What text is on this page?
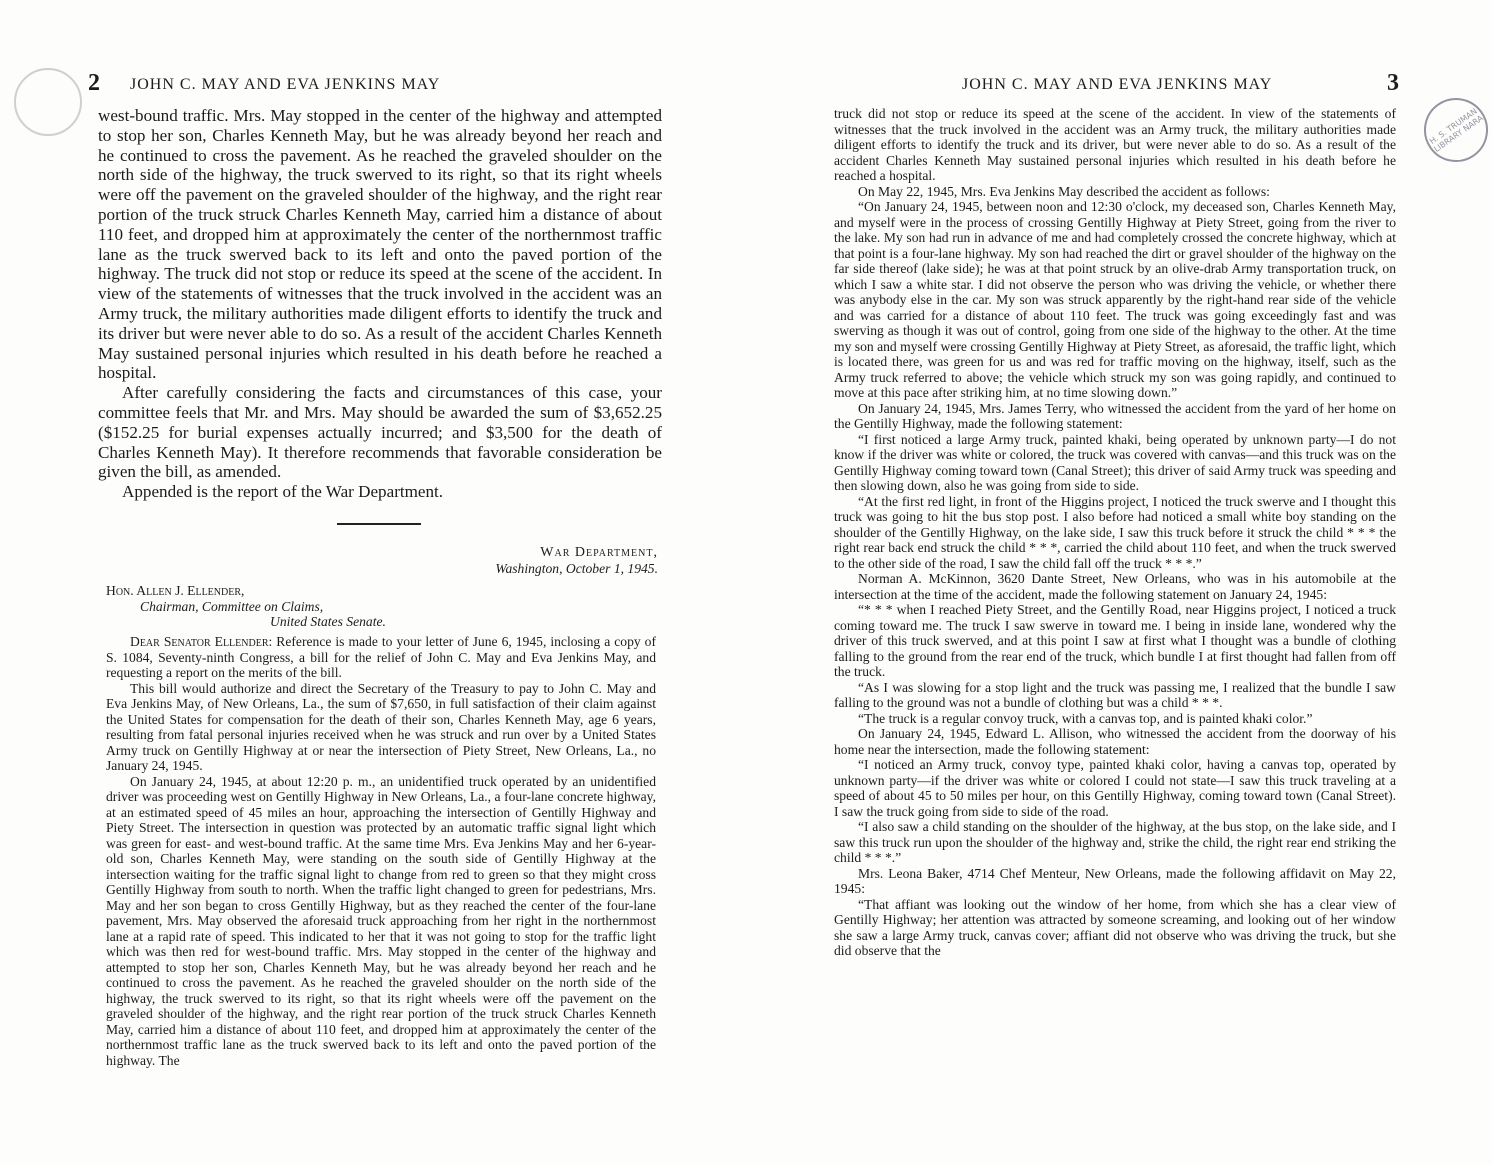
2 JOHN C. MAY AND EVA JENKINS MAY

west-bound traffic. Mrs. May stopped in the center of the highway and attempted to stop her son, Charles Kenneth May, but he was already beyond her reach and he continued to cross the pavement. As he reached the graveled shoulder on the north side of the highway, the truck swerved to its right, so that its right wheels were off the pavement on the graveled shoulder of the highway, and the right rear portion of the truck struck Charles Kenneth May, carried him a distance of about 110 feet, and dropped him at approximately the center of the northernmost traffic lane as the truck swerved back to its left and onto the paved portion of the highway. The truck did not stop or reduce its speed at the scene of the accident. In view of the statements of witnesses that the truck involved in the accident was an Army truck, the military authorities made diligent efforts to identify the truck and its driver but were never able to do so. As a result of the accident Charles Kenneth May sustained personal injuries which resulted in his death before he reached a hospital.

After carefully considering the facts and circumstances of this case, your committee feels that Mr. and Mrs. May should be awarded the sum of $3,652.25 ($152.25 for burial expenses actually incurred; and $3,500 for the death of Charles Kenneth May). It therefore recommends that favorable consideration be given the bill, as amended.

Appended is the report of the War Department.

War Department,
Washington, October 1, 1945.
Hon. Allen J. Ellender,
Chairman, Committee on Claims,
United States Senate.

Dear Senator Ellender: Reference is made to your letter of June 6, 1945, inclosing a copy of S. 1084, Seventy-ninth Congress, a bill for the relief of John C. May and Eva Jenkins May, and requesting a report on the merits of the bill.

This bill would authorize and direct the Secretary of the Treasury to pay to John C. May and Eva Jenkins May, of New Orleans, La., the sum of $7,650, in full satisfaction of their claim against the United States for compensation for the death of their son, Charles Kenneth May, age 6 years, resulting from fatal personal injuries received when he was struck and run over by a United States Army truck on Gentilly Highway at or near the intersection of Piety Street, New Orleans, La., no January 24, 1945.

On January 24, 1945, at about 12:20 p. m., an unidentified truck operated by an unidentified driver was proceeding west on Gentilly Highway in New Orleans, La., a four-lane concrete highway, at an estimated speed of 45 miles an hour, approaching the intersection of Gentilly Highway and Piety Street. The intersection in question was protected by an automatic traffic signal light which was green for east- and west-bound traffic. At the same time Mrs. Eva Jenkins May and her 6-year-old son, Charles Kenneth May, were standing on the south side of Gentilly Highway at the intersection waiting for the traffic signal light to change from red to green so that they might cross Gentilly Highway from south to north. When the traffic light changed to green for pedestrians, Mrs. May and her son began to cross Gentilly Highway, but as they reached the center of the four-lane pavement, Mrs. May observed the aforesaid truck approaching from her right in the northernmost lane at a rapid rate of speed. This indicated to her that it was not going to stop for the traffic light which was then red for west-bound traffic. Mrs. May stopped in the center of the highway and attempted to stop her son, Charles Kenneth May, but he was already beyond her reach and he continued to cross the pavement. As he reached the graveled shoulder on the north side of the highway, the truck swerved to its right, so that its right wheels were off the pavement on the graveled shoulder of the highway, and the right rear portion of the truck struck Charles Kenneth May, carried him a distance of about 110 feet, and dropped him at approximately the center of the northernmost traffic lane as the truck swerved back to its left and onto the paved portion of the highway. The

JOHN C. MAY AND EVA JENKINS MAY	3
H. S. TRUMAN LIBRARY NARA

truck did not stop or reduce its speed at the scene of the accident. In view of the statements of witnesses that the truck involved in the accident was an Army truck, the military authorities made diligent efforts to identify the truck and its driver, but were never able to do so. As a result of the accident Charles Kenneth May sustained personal injuries which resulted in his death before he reached a hospital.

On May 22, 1945, Mrs. Eva Jenkins May described the accident as follows:

“On January 24, 1945, between noon and 12:30 o'clock, my deceased son, Charles Kenneth May, and myself were in the process of crossing Gentilly Highway at Piety Street, going from the river to the lake. My son had run in advance of me and had completely crossed the concrete highway, which at that point is a four-lane highway. My son had reached the dirt or gravel shoulder of the highway on the far side thereof (lake side); he was at that point struck by an olive-drab Army transportation truck, on which I saw a white star. I did not observe the person who was driving the vehicle, or whether there was anybody else in the car. My son was struck apparently by the right-hand rear side of the vehicle and was carried for a distance of about 110 feet. The truck was going exceedingly fast and was swerving as though it was out of control, going from one side of the highway to the other. At the time my son and myself were crossing Gentilly Highway at Piety Street, as aforesaid, the traffic light, which is located there, was green for us and was red for traffic moving on the highway, itself, such as the Army truck referred to above; the vehicle which struck my son was going rapidly, and continued to move at this pace after striking him, at no time slowing down.”

On January 24, 1945, Mrs. James Terry, who witnessed the accident from the yard of her home on the Gentilly Highway, made the following statement:

“I first noticed a large Army truck, painted khaki, being operated by unknown party—I do not know if the driver was white or colored, the truck was covered with canvas—and this truck was on the Gentilly Highway coming toward town (Canal Street); this driver of said Army truck was speeding and then slowing down, also he was going from side to side.

“At the first red light, in front of the Higgins project, I noticed the truck swerve and I thought this truck was going to hit the bus stop post. I also before had noticed a small white boy standing on the shoulder of the Gentilly Highway, on the lake side, I saw this truck before it struck the child * * * the right rear back end struck the child * * *, carried the child about 110 feet, and when the truck swerved to the other side of the road, I saw the child fall off the truck * * *.”

Norman A. McKinnon, 3620 Dante Street, New Orleans, who was in his automobile at the intersection at the time of the accident, made the following statement on January 24, 1945:

“* * * when I reached Piety Street, and the Gentilly Road, near Higgins project, I noticed a truck coming toward me. The truck I saw swerve in toward me. I being in inside lane, wondered why the driver of this truck swerved, and at this point I saw at first what I thought was a bundle of clothing falling to the ground from the rear end of the truck, which bundle I at first thought had fallen from off the truck.

“As I was slowing for a stop light and the truck was passing me, I realized that the bundle I saw falling to the ground was not a bundle of clothing but was a child * * *.

“The truck is a regular convoy truck, with a canvas top, and is painted khaki color.”

On January 24, 1945, Edward L. Allison, who witnessed the accident from the doorway of his home near the intersection, made the following statement:

“I noticed an Army truck, convoy type, painted khaki color, having a canvas top, operated by unknown party—if the driver was white or colored I could not state—I saw this truck traveling at a speed of about 45 to 50 miles per hour, on this Gentilly Highway, coming toward town (Canal Street). I saw the truck going from side to side of the road.

“I also saw a child standing on the shoulder of the highway, at the bus stop, on the lake side, and I saw this truck run upon the shoulder of the highway and, strike the child, the right rear end striking the child * * *.”

Mrs. Leona Baker, 4714 Chef Menteur, New Orleans, made the following affidavit on May 22, 1945:

“That affiant was looking out the window of her home, from which she has a clear view of Gentilly Highway; her attention was attracted by someone screaming, and looking out of her window she saw a large Army truck, canvas cover; affiant did not observe who was driving the truck, but she did observe that the
